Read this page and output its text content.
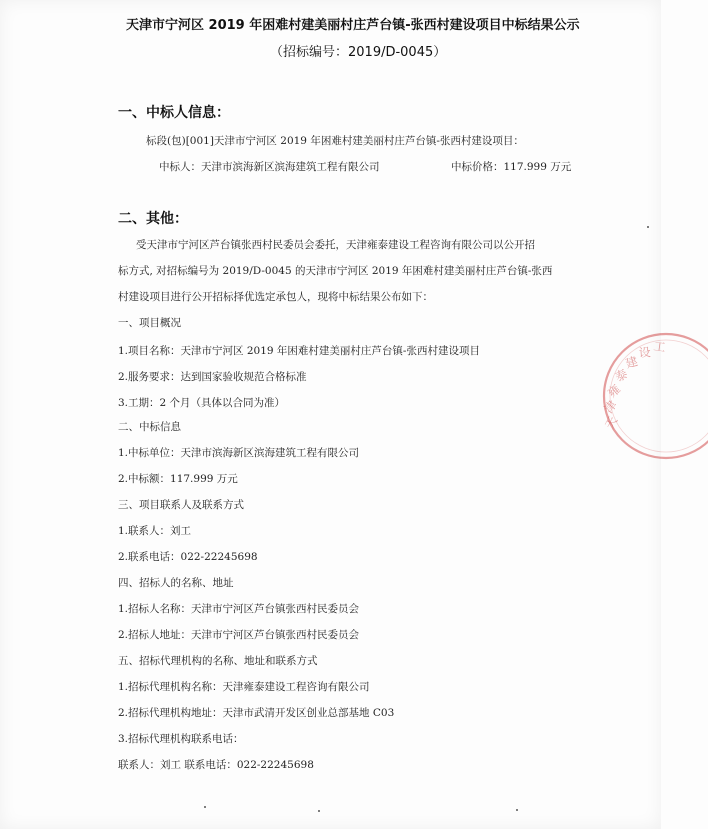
天津市宁河区 2019 年困难村建美丽村庄芦台镇-张西村建设项目中标结果公示
（招标编号：2019/D-0045）
一、中标人信息：
标段(包)[001]天津市宁河区 2019 年困难村建美丽村庄芦台镇-张西村建设项目：
中标人：天津市滨海新区滨海建筑工程有限公司	中标价格：117.999 万元
二、其他：
受天津市宁河区芦台镇张西村民委员会委托，天津雍泰建设工程咨询有限公司以公开招
标方式, 对招标编号为 2019/D-0045 的天津市宁河区 2019 年困难村建美丽村庄芦台镇-张西
村建设项目进行公开招标择优选定承包人，现将中标结果公布如下：
一、项目概况
1.项目名称：天津市宁河区 2019 年困难村建美丽村庄芦台镇-张西村建设项目
2.服务要求：达到国家验收规范合格标准
3.工期：2 个月（具体以合同为准）
二、中标信息
1.中标单位：天津市滨海新区滨海建筑工程有限公司
2.中标额：117.999 万元
三、项目联系人及联系方式
1.联系人：刘工
2.联系电话：022-22245698
四、招标人的名称、地址
1.招标人名称：天津市宁河区芦台镇张西村民委员会
2.招标人地址：天津市宁河区芦台镇张西村民委员会
五、招标代理机构的名称、地址和联系方式
1.招标代理机构名称：天津雍泰建设工程咨询有限公司
2.招标代理机构地址：天津市武清开发区创业总部基地 C03
3.招标代理机构联系电话：
联系人：刘工 联系电话：022-22245698
天
津
雍
泰
建
设 工
